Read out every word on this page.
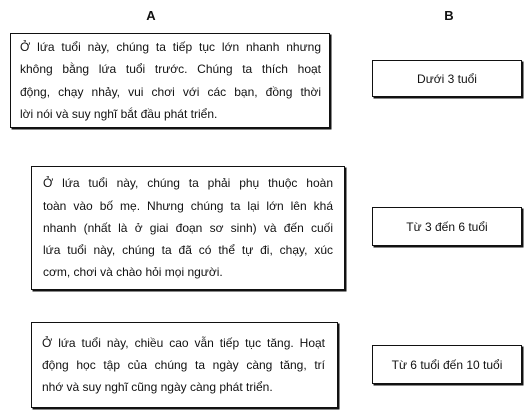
A	B
Ở lứa tuổi này, chúng ta tiếp tục lớn nhanh nhưng
không bằng lứa tuổi trước. Chúng ta thích hoạt
động, chạy nhảy, vui chơi với các bạn, đồng thời
lời nói và suy nghĩ bắt đầu phát triển.
Ở lứa tuổi này, chúng ta phải phụ thuộc hoàn
toàn vào bố mẹ. Nhưng chúng ta lại lớn lên khá
nhanh (nhất là ở giai đoạn sơ sinh) và đến cuối
lứa tuổi này, chúng ta đã có thể tự đi, chạy, xúc
cơm, chơi và chào hỏi mọi người.
Ở lứa tuổi này, chiều cao vẫn tiếp tục tăng. Hoạt
động học tập của chúng ta ngày càng tăng, trí
nhớ và suy nghĩ cũng ngày càng phát triển.
Dưới 3 tuổi
Từ 3 đến 6 tuổi
Từ 6 tuổi đến 10 tuổi
